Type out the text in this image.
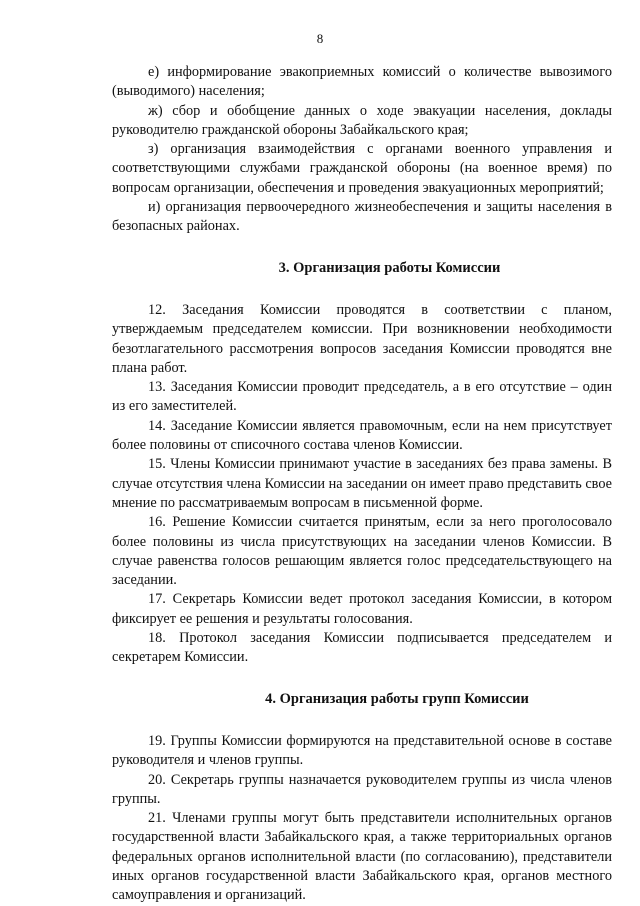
8

е) информирование эвакоприемных комиссий о количестве вывозимого (выводимого) населения;

ж) сбор и обобщение данных о ходе эвакуации населения, доклады руководителю гражданской обороны Забайкальского края;

з) организация взаимодействия с органами военного управления и соответствующими службами гражданской обороны (на военное время) по вопросам организации, обеспечения и проведения эвакуационных мероприятий;

и) организация первоочередного жизнеобеспечения и защиты населения в безопасных районах.

3. Организация работы Комиссии

12. Заседания Комиссии проводятся в соответствии с планом, утверждаемым председателем комиссии. При возникновении необходимости безотлагательного рассмотрения вопросов заседания Комиссии проводятся вне плана работ.

13. Заседания Комиссии проводит председатель, а в его отсутствие – один из его заместителей.

14. Заседание Комиссии является правомочным, если на нем присутствует более половины от списочного состава членов Комиссии.

15. Члены Комиссии принимают участие в заседаниях без права замены. В случае отсутствия члена Комиссии на заседании он имеет право представить свое мнение по рассматриваемым вопросам в письменной форме.

16. Решение Комиссии считается принятым, если за него проголосовало более половины из числа присутствующих на заседании членов Комиссии. В случае равенства голосов решающим является голос председательствующего на заседании.

17. Секретарь Комиссии ведет протокол заседания Комиссии, в котором фиксирует ее решения и результаты голосования.

18. Протокол заседания Комиссии подписывается председателем и секретарем Комиссии.

4. Организация работы групп Комиссии

19. Группы Комиссии формируются на представительной основе в составе руководителя и членов группы.

20. Секретарь группы назначается руководителем группы из числа членов группы.

21. Членами группы могут быть представители исполнительных органов государственной власти Забайкальского края, а также территориальных органов федеральных органов исполнительной власти (по согласованию), представители иных органов государственной власти Забайкальского края, органов местного самоуправления и организаций.
